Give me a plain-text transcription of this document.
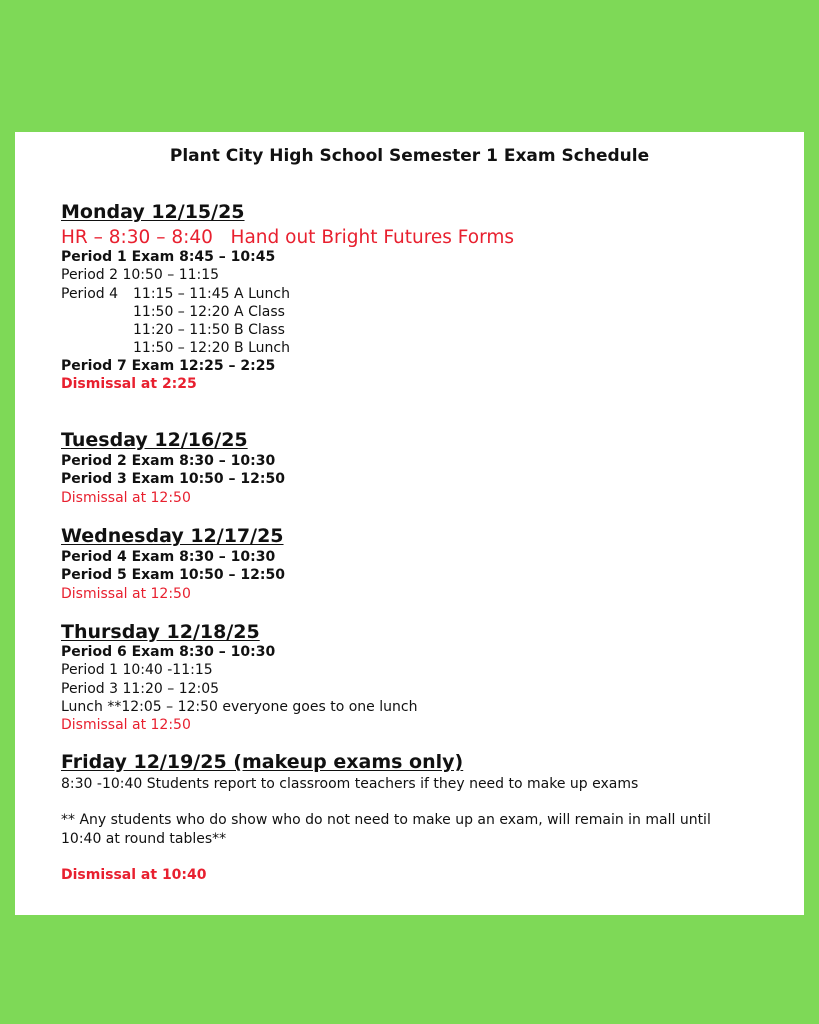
Plant City High School Semester 1 Exam Schedule
Monday 12/15/25
HR – 8:30 – 8:40 Hand out Bright Futures Forms
Period 1 Exam 8:45 – 10:45
Period 2 10:50 – 11:15
Period 4 11:15 – 11:45 A Lunch
11:50 – 12:20 A Class
11:20 – 11:50 B Class
11:50 – 12:20 B Lunch
Period 7 Exam 12:25 – 2:25
Dismissal at 2:25
Tuesday 12/16/25
Period 2 Exam 8:30 – 10:30
Period 3 Exam 10:50 – 12:50
Dismissal at 12:50
Wednesday 12/17/25
Period 4 Exam 8:30 – 10:30
Period 5 Exam 10:50 – 12:50
Dismissal at 12:50
Thursday 12/18/25
Period 6 Exam 8:30 – 10:30
Period 1 10:40 -11:15
Period 3 11:20 – 12:05
Lunch **12:05 – 12:50 everyone goes to one lunch
Dismissal at 12:50
Friday 12/19/25 (makeup exams only)
8:30 -10:40 Students report to classroom teachers if they need to make up exams
** Any students who do show who do not need to make up an exam, will remain in mall until
10:40 at round tables**
Dismissal at 10:40
